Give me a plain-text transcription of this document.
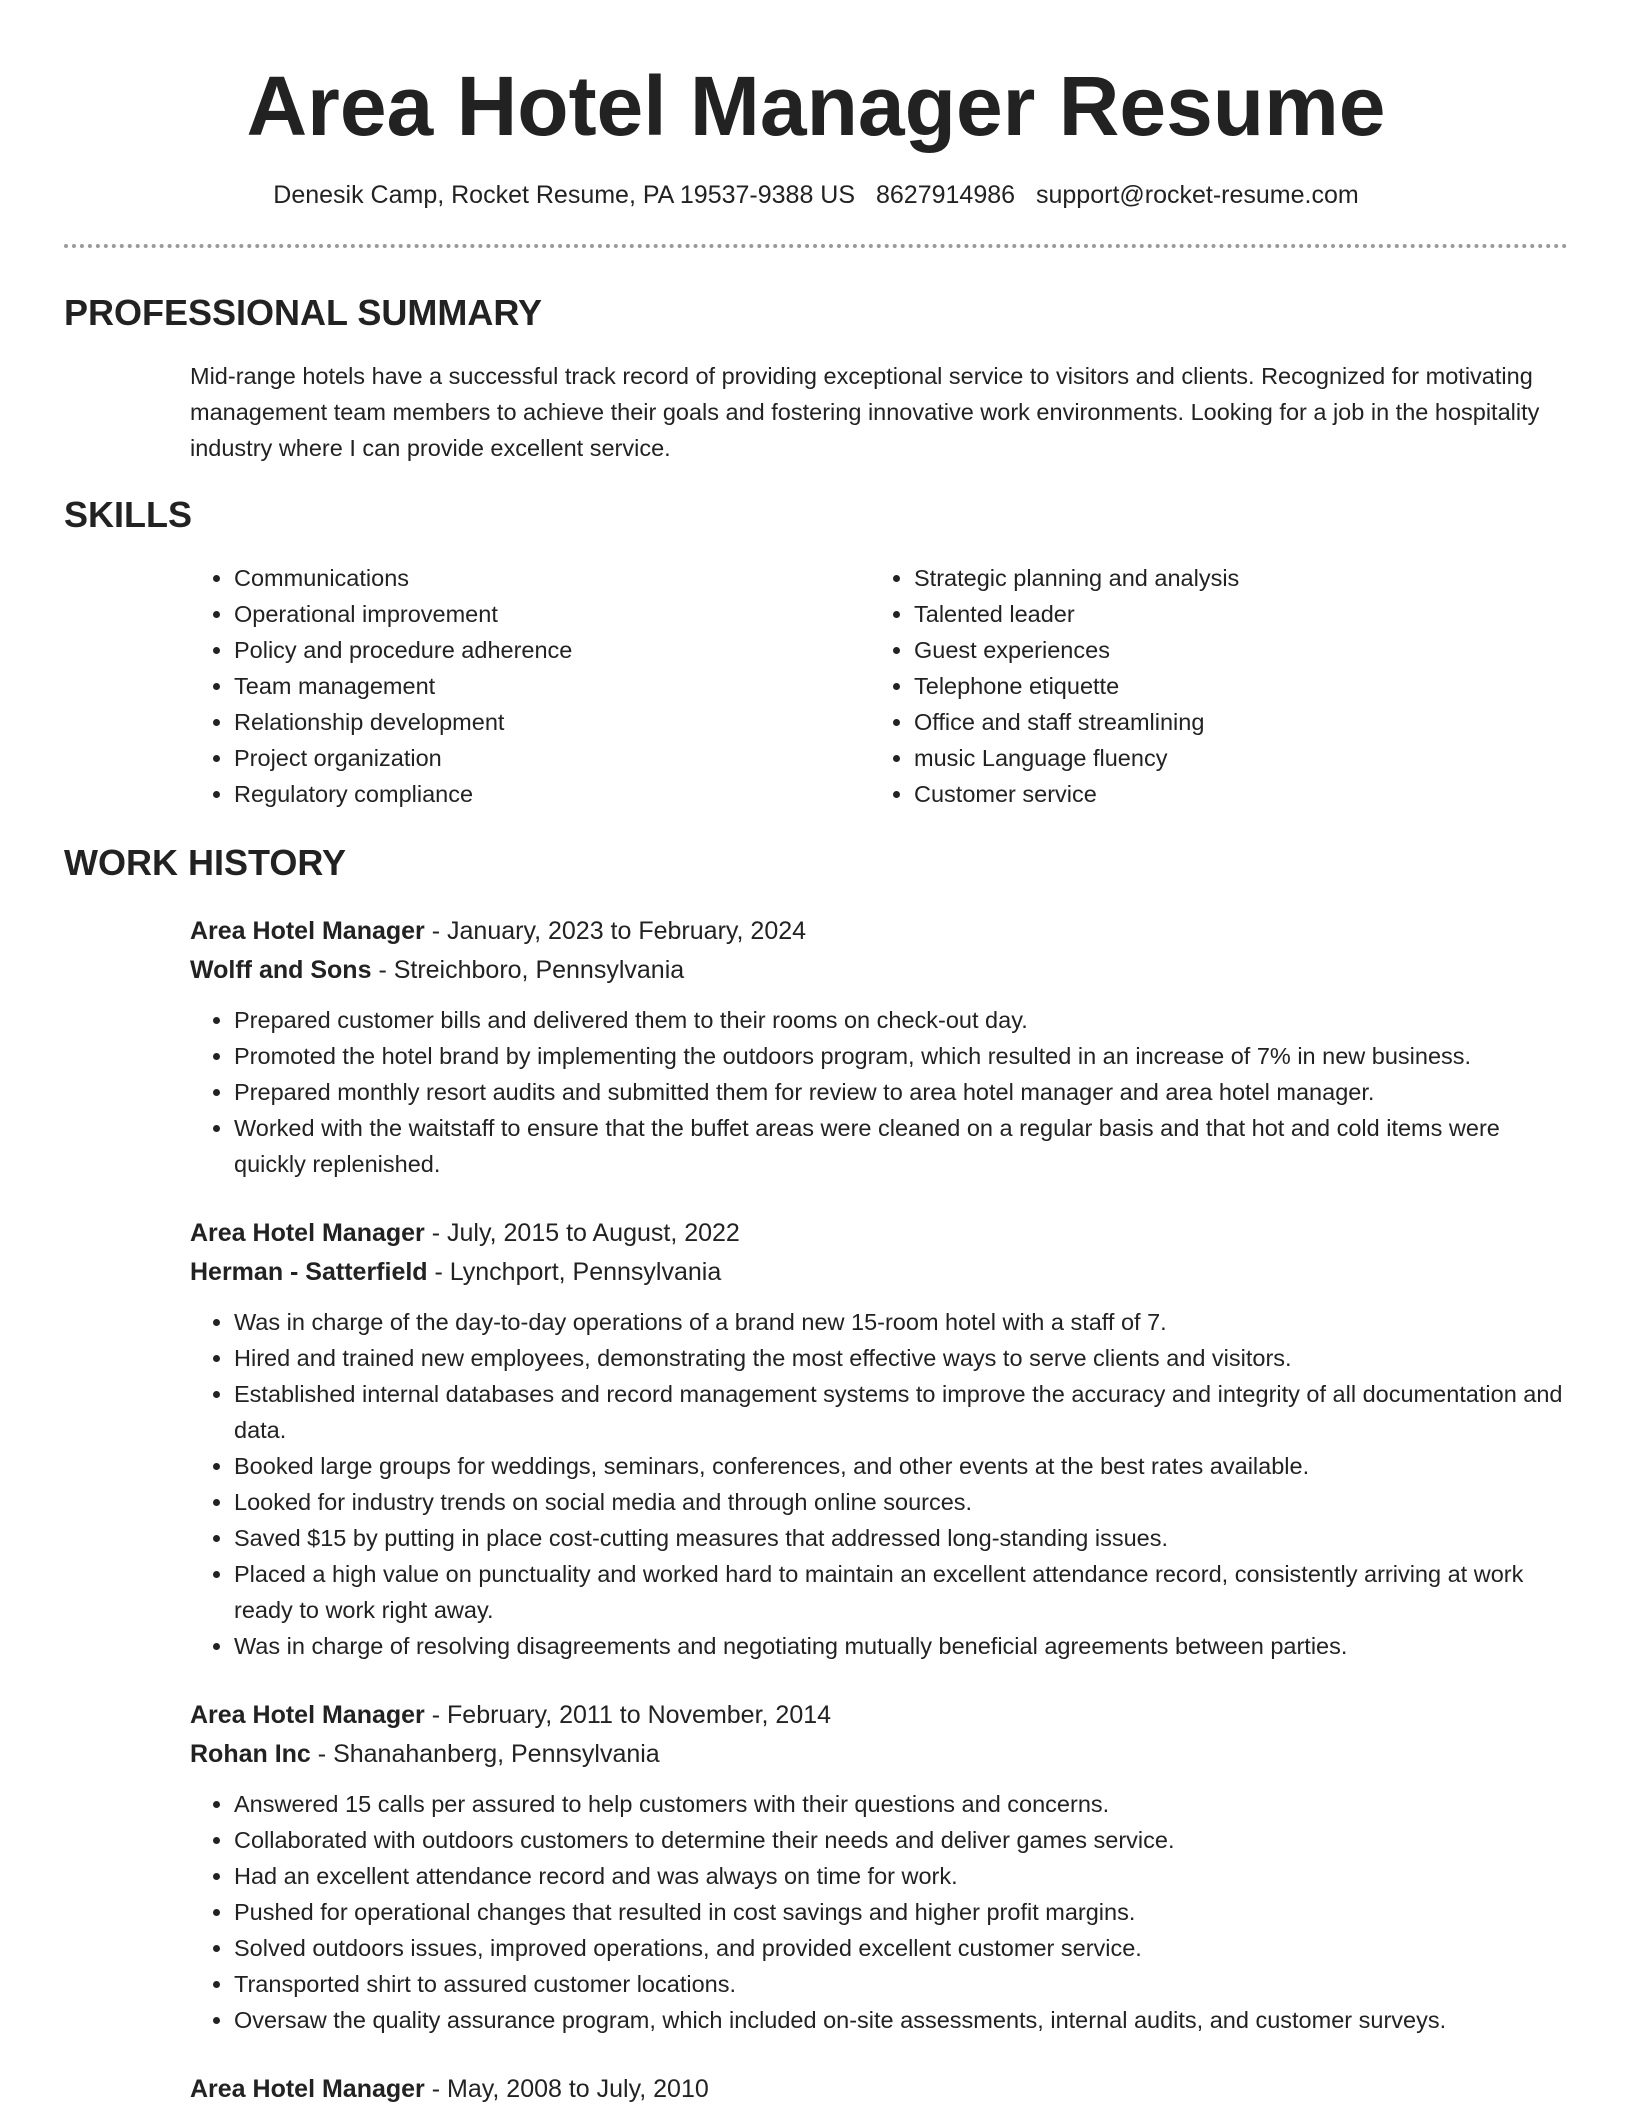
Area Hotel Manager Resume
Denesik Camp, Rocket Resume, PA 19537-9388 US 8627914986 support@rocket-resume.com
PROFESSIONAL SUMMARY

Mid-range hotels have a successful track record of providing exceptional service to visitors and clients. Recognized for motivating management team members to achieve their goals and fostering innovative work environments. Looking for a job in the hospitality industry where I can provide excellent service.

SKILLS
• Communications
• Operational improvement
• Policy and procedure adherence
• Team management
• Relationship development
• Project organization
• Regulatory compliance
• Strategic planning and analysis
• Talented leader
• Guest experiences
• Telephone etiquette
• Office and staff streamlining
• music Language fluency
• Customer service
WORK HISTORY
Area Hotel Manager - January, 2023 to February, 2024
Wolff and Sons - Streichboro, Pennsylvania
• Prepared customer bills and delivered them to their rooms on check-out day.
• Promoted the hotel brand by implementing the outdoors program, which resulted in an increase of 7% in new business.
• Prepared monthly resort audits and submitted them for review to area hotel manager and area hotel manager.
• Worked with the waitstaff to ensure that the buffet areas were cleaned on a regular basis and that hot and cold items were quickly replenished.
Area Hotel Manager - July, 2015 to August, 2022
Herman - Satterfield - Lynchport, Pennsylvania
• Was in charge of the day-to-day operations of a brand new 15-room hotel with a staff of 7.
• Hired and trained new employees, demonstrating the most effective ways to serve clients and visitors.
• Established internal databases and record management systems to improve the accuracy and integrity of all documentation and data.
• Booked large groups for weddings, seminars, conferences, and other events at the best rates available.
• Looked for industry trends on social media and through online sources.
• Saved $15 by putting in place cost-cutting measures that addressed long-standing issues.
• Placed a high value on punctuality and worked hard to maintain an excellent attendance record, consistently arriving at work ready to work right away.
• Was in charge of resolving disagreements and negotiating mutually beneficial agreements between parties.
Area Hotel Manager - February, 2011 to November, 2014
Rohan Inc - Shanahanberg, Pennsylvania
• Answered 15 calls per assured to help customers with their questions and concerns.
• Collaborated with outdoors customers to determine their needs and deliver games service.
• Had an excellent attendance record and was always on time for work.
• Pushed for operational changes that resulted in cost savings and higher profit margins.
• Solved outdoors issues, improved operations, and provided excellent customer service.
• Transported shirt to assured customer locations.
• Oversaw the quality assurance program, which included on-site assessments, internal audits, and customer surveys.
Area Hotel Manager - May, 2008 to July, 2010
